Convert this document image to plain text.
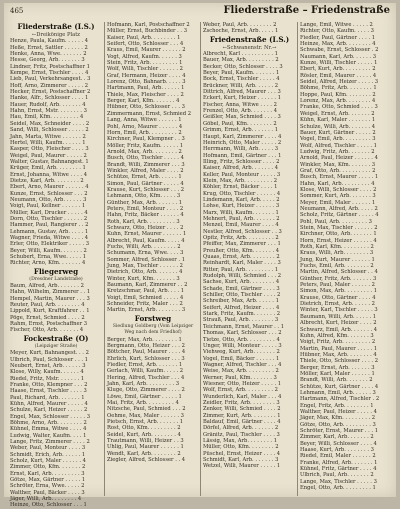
465	Fliederstraße – Friedenstraße
Fliederstraße (I.S.)
←Dreikönige Platz
Henze, Paula, Kaufm. . . . . . 4
Heße, Ernst, Sattler . . . . . . 2
Henke, Anna, Wwe. . . . . . . 2
Hesse, Georg, Arb. . . . . . . 3
Lindner, Fritz, Postschaffner 1
Kempe, Ernst, Tischler . . . . 4
Lieb, Paul, Verkehrsangest. . 3
Hoff, Arno, Zimmerer . . . . . 2
Hecker, Ernst, Postschaffner 2
Hanke, Alfr., Schlosser . . . . 1
Hauer, Rudolf, Arb. . . . . . . 4
Hahn, Ernst, Mstr. . . . . . . . 3
Hau, Emil, Kfm. . . . . . . . . 4
Seidel, Max, Schneider . . . . 2
Sand, Willi, Schlosser . . . . . 2
Jahn, Marta, Witwe . . . . . . 2
Hertel, Willi, Kaufm. . . . . . 1
Kasper, Otto, Fleischer . . . . 3
Weigel, Paul, Maurer . . . . . 2
Walter, Gustav, Bahnangest. 1
Krüger, Emil, Arb. . . . . . . . 1
Ernst, Johanna, Witwe . . . . 4
Dietze, Karl, Arb. . . . . . . . 2
Ebert, Arno, Maurer . . . . . . 4
Kunze, Ernst, Schlosser . . . 2
Neumann, Otto, Arb. . . . . . 3
Voigt, Paul, Kellner . . . . . . 1
Müller, Karl, Drucker . . . . . 4
Dorn, Otto, Tischler . . . . . . 2
Hammer, Paul, Rangierer . . 2
Lehmann, Gustav, Arb. . . . . 1
Wagner, Frieda, Witwe . . . . 4
Erler, Otto, Elektriker . . . . . 3
Beyer, Willi, Kaufm. . . . . . . 2
Schubert, Erna, Wwe. . . . . 1
Richter, Arno, Kfm. . . . . . . 4
Fliegerweg
(Dresdner Landstraße)
Baum, Alfred, Arb. . . . . . . 2
Hahn, Wilhelm, Zimmerer . . 1
Hempel, Martin, Maurer . . . 3
Reuter, Paul, Arb. . . . . . . . 4
Lippold, Kurt, Kraftfahrer . . 1
Pöge, Ernst, Schmied . . . . 2
Rahm, Ernst, Postschaffner 3
Fischer, Otto, Arb. . . . . . . 4
Fockestraße (O)
(Leipziger Straße)
Meyer, Kurt, Bahnangest. . . 2
Ulbrich, Paul, Schlosser . . . 1
Neubert, Ernst, Arb. . . . . . 3
Klose, Willy, Kaufm. . . . . . 4
Riedel, Fritz, Mstr. . . . . . . 1
Franke, Otto, Klempner . . . 2
Haase, Ernst, Tischler . . . . 3
Paul, Richard, Arb. . . . . . . 1
Kühn, Alfred, Maurer . . . . . 4
Schulze, Karl, Heizer . . . . . 2
Engel, Max, Schlosser . . . . . 3
Böhme, Arno, Arb. . . . . . . . 2
Kühnel, Emma, Witwe . . . . 4
Ludwig, Walter, Kaufm. . . . 1
Lange, Fritz, Zimmerer . . . . 2
Weber, Paul, Monteur . . . . 3
Schmidt, Erich, Arb. . . . . . 1
Scholz, Kurt, Maler . . . . . . 4
Zimmer, Otto, Kfm. . . . . . . 2
Ernst, Karl, Arb. . . . . . . . . 3
Götze, Max, Gärtner . . . . . 1
Schröter, Erna, Wwe. . . . . 2
Walther, Paul, Bäcker . . . . 3
Jäger, Willi, Arb. . . . . . . . 4
Heinze, Otto, Schlosser . . . 1
Hofmann, Karl, Postschaffner 2
Müller, Ernst, Buchbinder . . 3
Kaiser, Paul, Arb. . . . . . . . 1
Seifert, Otto, Schlosser . . . 4
Kraus, Emil, Maurer . . . . . . 2
Vogt, Alfred, Kaufm. . . . . . 3
Stein, Fritz, Arb. . . . . . . . . 1
Wolf, Willi, Tischler . . . . . . 2
Graf, Hermann, Heizer . . . . 4
Lorenz, Otto, Bahnarb. . . . . 3
Hartmann, Paul, Arb. . . . . . 1
Thiele, Max, Fleischer . . . . 2
Berger, Karl, Kfm. . . . . . . 4
Hübner, Otto, Schlosser . . . 3
Zimmermann, Ernst, Schmied 2
Lang, Anna, Witwe . . . . . . 1
Pohl, Arno, Maurer . . . . . . 4
Horn, Emil, Arb. . . . . . . . . 2
Kirchner, Paul, Klempner . . 3
Möller, Fritz, Kaufm. . . . . . 1
Arnold, Max, Arb. . . . . . . . 2
Busch, Otto, Tischler . . . . . 4
Brandt, Willi, Zimmerer . . . 3
Winkler, Alfred, Maler . . . . 2
Schütze, Ernst, Arb. . . . . . 1
Simon, Paul, Gärtner . . . . . 4
Krause, Kurt, Schlosser . . . 2
Lehmann, Otto, Kfm. . . . . 3
Günther, Max, Arb. . . . . . . 1
Peters, Emil, Monteur . . . . 2
Hahn, Fritz, Bäcker . . . . . . 4
Roth, Karl, Arb. . . . . . . . . 3
Schwarz, Otto, Heizer . . . . 2
Kuhn, Ernst, Maurer . . . . . . 1
Albrecht, Paul, Kaufm. . . . . 4
Fuchs, Willi, Arb. . . . . . . . 2
Schumann, Erna, Wwe. . . . 3
Sommer, Alfred, Schlosser . 1
Jung, Max, Tischler . . . . . . 2
Dietrich, Otto, Arb. . . . . . . 4
Winter, Kurt, Kfm. . . . . . . 3
Baumann, Karl, Zimmerer . . 2
Kretzschmar, Paul, Arb. . . . 1
Voigt, Emil, Schmied . . . . . 4
Schneider, Fritz, Maler . . . 2
Martin, Ernst, Arb. . . . . . . . 3
Forstweg
Siedlung Goldberg (Vom Leipziger
Weg nach dem Friedhof)
Berger, Max, Arb. . . . . . . . 1
Bergmann, Otto, Heizer . . . 2
Böttcher, Paul, Maurer . . . . 4
Ehrlich, Kurt, Schlosser . . . 3
Fiedler, Ernst, Arb. . . . . . . 1
Gerlach, Willi, Kaufm. . . . . 2
Hering, Alfred, Tischler . . . 4
Jahn, Karl, Arb. . . . . . . . . 3
Kluge, Otto, Zimmerer . . . . 2
Löwe, Emil, Gärtner . . . . . 1
Mai, Fritz, Arb. . . . . . . . . 4
Nitzsche, Paul, Schmied . . . 2
Oehme, Max, Maler . . . . . . 3
Pietsch, Ernst, Arb. . . . . . . 1
Rost, Otto, Kfm. . . . . . . . . 2
Seidel, Kurt, Arb. . . . . . . . 4
Trautmann, Willi, Heizer . . 3
Uhlig, Paul, Maurer . . . . . . 1
Wendt, Karl, Arb. . . . . . . . 2
Ziegler, Alfred, Schlosser . . 4
Weber, Paul, Arb. . . . . . . . 2
Zschoche, Ernst, Arb. . . . . 1
Friedenstraße (I.S.)
←Schwanenstr. Nr.→
Albrecht, Karl . . . . . . . . . . 1
Bauer, Max, Arb. . . . . . . . . 2
Becker, Otto, Schlosser . . . . 3
Beyer, Paul, Kaufm. . . . . . . 1
Bock, Ernst, Tischler . . . . . 4
Brückner, Willi, Arb. . . . . . 2
Dittrich, Alfred, Maurer . . . 3
Eckert, Kurt, Heizer . . . . . . 1
Fischer, Anna, Witwe . . . . 2
Frenzel, Otto, Arb. . . . . . . 4
Geißler, Max, Schmied . . . . 3
Göbel, Paul, Kfm. . . . . . . . 2
Grimm, Ernst, Arb. . . . . . . 1
Haupt, Karl, Zimmerer . . . . 4
Heinrich, Otto, Maler . . . . . 2
Herrmann, Willi, Arb. . . . . 3
Hofmann, Emil, Gärtner . . . 1
Illing, Fritz, Schlosser . . . . 2
Kaiser, Alfred, Arb. . . . . . . 4
Keller, Paul, Monteur . . . . . 3
Klein, Max, Arb. . . . . . . . . 2
Köhler, Ernst, Bäcker . . . . 1
Krug, Otto, Tischler . . . . . . 4
Lindemann, Karl, Arb. . . . . 2
Lohse, Kurt, Heizer . . . . . . 3
Marx, Willi, Kaufm. . . . . . . 1
Mehnert, Paul, Arb. . . . . . . 2
Menzel, Emil, Maurer . . . . 4
Nestler, Alfred, Schlosser . . 3
Opitz, Fritz, Arb. . . . . . . . . 2
Pfeiffer, Max, Zimmerer . . . 1
Preußer, Otto, Kfm. . . . . . . 4
Quaas, Ernst, Arb. . . . . . . . 2
Reinhardt, Karl, Maler . . . . 3
Ritter, Paul, Arb. . . . . . . . . 1
Rudolph, Willi, Schmied . . . 2
Sachse, Kurt, Arb. . . . . . . . 4
Schade, Emil, Gärtner . . . . 3
Schiller, Otto, Tischler . . . . 2
Schreiber, Max, Arb. . . . . . 1
Seifert, Alfred, Heizer . . . . 4
Stark, Fritz, Kaufm. . . . . . . 2
Strauß, Paul, Arb. . . . . . . . 3
Teichmann, Ernst, Maurer . . 1
Thomas, Karl, Schlosser . . . 2
Tietze, Otto, Arb. . . . . . . . . 4
Unger, Willi, Monteur . . . . . 3
Viehweg, Kurt, Arb. . . . . . . 2
Vogel, Emil, Bäcker . . . . . . 1
Wagner, Alfred, Tischler . . . 4
Weise, Max, Arb. . . . . . . . . 2
Werner, Paul, Kfm. . . . . . . 3
Wiesner, Otto, Heizer . . . . . 1
Wolf, Ernst, Arb. . . . . . . . . 2
Wunderlich, Karl, Maler . . . 4
Zeidler, Fritz, Arb. . . . . . . . 3
Zenker, Willi, Schmied . . . . 2
Zimmer, Kurt, Arb. . . . . . . . 1
Baldauf, Emil, Gärtner . . . . 4
Dörfel, Alfred, Arb. . . . . . . 2
Gränitz, Paul, Tischler . . . . 3
Lässig, Max, Arb. . . . . . . . 1
Müller, Otto, Kfm. . . . . . . . 2
Püschel, Ernst, Heizer . . . . 4
Schmidt, Karl, Arb. . . . . . . 3
Wetzel, Willi, Maurer . . . . . 1
Lange, Emil, Witwe . . . . . 2
Richter, Otto, Kaufm. . . . . 3
Fiedler, Paul, Gärtner . . . . 1
Heinze, Max, Arb. . . . . . . . 4
Schwabe, Ernst, Schlosser . 2
Naumann, Karl, Arb. . . . . . 3
Kunze, Willi, Tischler . . . . . 1
Ebert, Kurt, Arb. . . . . . . . . 2
Rösler, Emil, Maurer . . . . . 4
Seidel, Alfred, Heizer . . . . . 3
Böhme, Fritz, Arb. . . . . . . . 1
Hoppe, Paul, Kfm. . . . . . . . 2
Lorenz, Max, Arb. . . . . . . . 4
Franke, Otto, Schmied . . . . 3
Weigel, Ernst, Arb. . . . . . . 2
Kühn, Karl, Maler . . . . . . . 1
Schulze, Willi, Arb. . . . . . . 4
Bauer, Kurt, Gärtner . . . . . 2
Vogel, Emil, Arb. . . . . . . . . 3
Wolf, Alfred, Tischler . . . . . 1
Ludwig, Fritz, Arb. . . . . . . 2
Arnold, Paul, Heizer . . . . . . 4
Winkler, Max, Kfm. . . . . . . 3
Graf, Otto, Arb. . . . . . . . . . 2
Busch, Ernst, Maurer . . . . . 1
Hahn, Karl, Arb. . . . . . . . . 4
Klose, Willi, Schlosser . . . . 2
Sommer, Kurt, Arb. . . . . . . 3
Meyer, Emil, Maler . . . . . . 1
Neumann, Alfred, Arb. . . . . 2
Scholz, Fritz, Gärtner . . . . . 4
Pohl, Paul, Arb. . . . . . . . . 3
Stein, Max, Tischler . . . . . . 2
Kirchner, Otto, Arb. . . . . . . 1
Horn, Ernst, Heizer . . . . . . 4
Roth, Karl, Kfm. . . . . . . . . 2
Kraus, Willi, Arb. . . . . . . . 3
Jung, Kurt, Maurer . . . . . . 1
Fuchs, Emil, Arb. . . . . . . . 2
Martin, Alfred, Schlosser . . 4
Günther, Fritz, Arb. . . . . . . 3
Peters, Paul, Maler . . . . . . 2
Simon, Max, Arb. . . . . . . . . 1
Krause, Otto, Gärtner . . . . 4
Dietrich, Ernst, Arb. . . . . . 2
Winter, Karl, Tischler . . . . . 3
Baumann, Willi, Arb. . . . . . 1
Albrecht, Kurt, Heizer . . . . 2
Schwarz, Emil, Arb. . . . . . . 4
Kuhn, Alfred, Kfm. . . . . . . 3
Voigt, Fritz, Arb. . . . . . . . . 2
Martin, Paul, Maurer . . . . . 1
Hübner, Max, Arb. . . . . . . . 4
Thiele, Otto, Schlosser . . . . 2
Berger, Ernst, Arb. . . . . . . 3
Möller, Karl, Maler . . . . . . 1
Brandt, Willi, Arb. . . . . . . 2
Schütze, Kurt, Gärtner . . . . 4
Lehmann, Emil, Arb. . . . . . 3
Hartmann, Alfred, Tischler . 2
Engel, Fritz, Arb. . . . . . . . 1
Walther, Paul, Heizer . . . . . 4
Jäger, Max, Kfm. . . . . . . . . 2
Götze, Otto, Arb. . . . . . . . . 3
Schröter, Ernst, Maurer . . . 1
Zimmer, Karl, Arb. . . . . . . 2
Beyer, Willi, Schlosser . . . . 4
Haase, Kurt, Arb. . . . . . . . 3
Riedel, Emil, Maler . . . . . . 2
Franke, Alfred, Arb. . . . . . . 1
Kühnel, Fritz, Gärtner . . . . 4
Ulbrich, Paul, Arb. . . . . . . 2
Lange, Max, Tischler . . . . . 3
Engel, Otto, Arb. . . . . . . . . 1
